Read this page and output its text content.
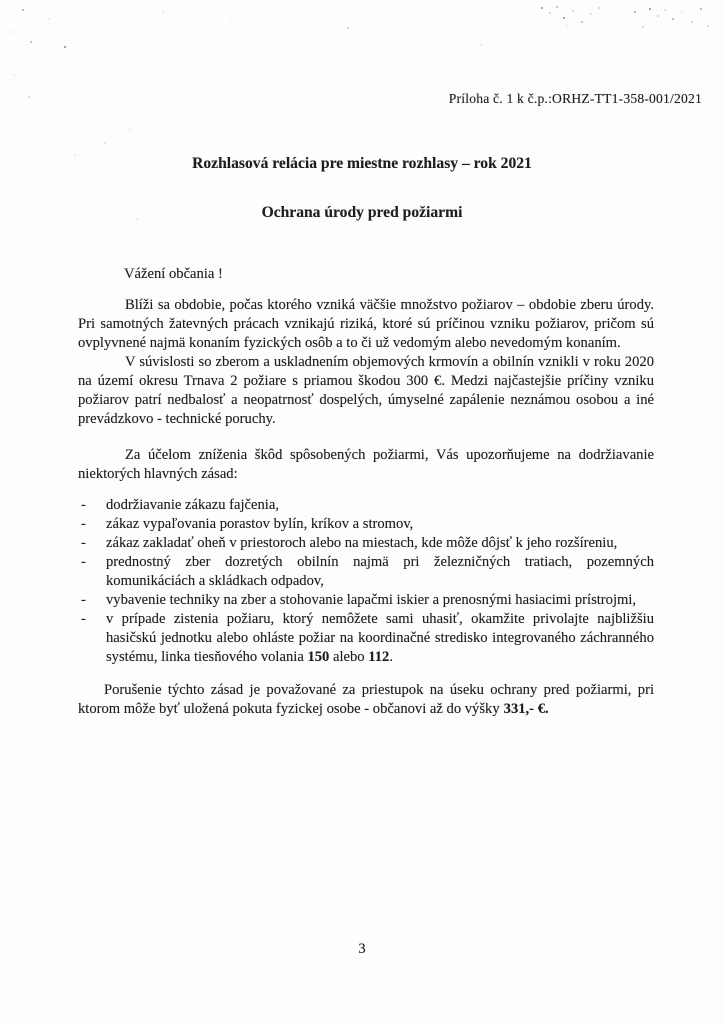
Príloha č. 1 k č.p.:ORHZ-TT1-358-001/2021
Rozhlasová relácia pre miestne rozhlasy – rok 2021
Ochrana úrody pred požiarmi

Vážení občania !

Blíži sa obdobie, počas ktorého vzniká väčšie množstvo požiarov – obdobie zberu úrody. Pri samotných žatevných prácach vznikajú riziká, ktoré sú príčinou vzniku požiarov, pričom sú ovplyvnené najmä konaním fyzických osôb a to či už vedomým alebo nevedomým konaním.

V súvislosti so zberom a uskladnením objemových krmovín a obilnín vznikli v roku 2020 na území okresu Trnava 2 požiare s priamou škodou 300 €. Medzi najčastejšie príčiny vzniku požiarov patrí nedbalosť a neopatrnosť dospelých, úmyselné zapálenie neznámou osobou a iné prevádzkovo - technické poruchy.

Za účelom zníženia škôd spôsobených požiarmi, Vás upozorňujeme na dodržiavanie niektorých hlavných zásad:

- dodržiavanie zákazu fajčenia,
- zákaz vypaľovania porastov bylín, kríkov a stromov,
- zákaz zakladať oheň v priestoroch alebo na miestach, kde môže dôjsť k jeho rozšíreniu,
- prednostný zber dozretých obilnín najmä pri železničných tratiach, pozemných komunikáciách a skládkach odpadov,
- vybavenie techniky na zber a stohovanie lapačmi iskier a prenosnými hasiacimi prístrojmi,
- v prípade zistenia požiaru, ktorý nemôžete sami uhasiť, okamžite privolajte najbližšiu hasičskú jednotku alebo ohláste požiar na koordinačné stredisko integrovaného záchranného systému, linka tiesňového volania 150 alebo 112.

Porušenie týchto zásad je považované za priestupok na úseku ochrany pred požiarmi, pri ktorom môže byť uložená pokuta fyzickej osobe - občanovi až do výšky 331,- €.

3
